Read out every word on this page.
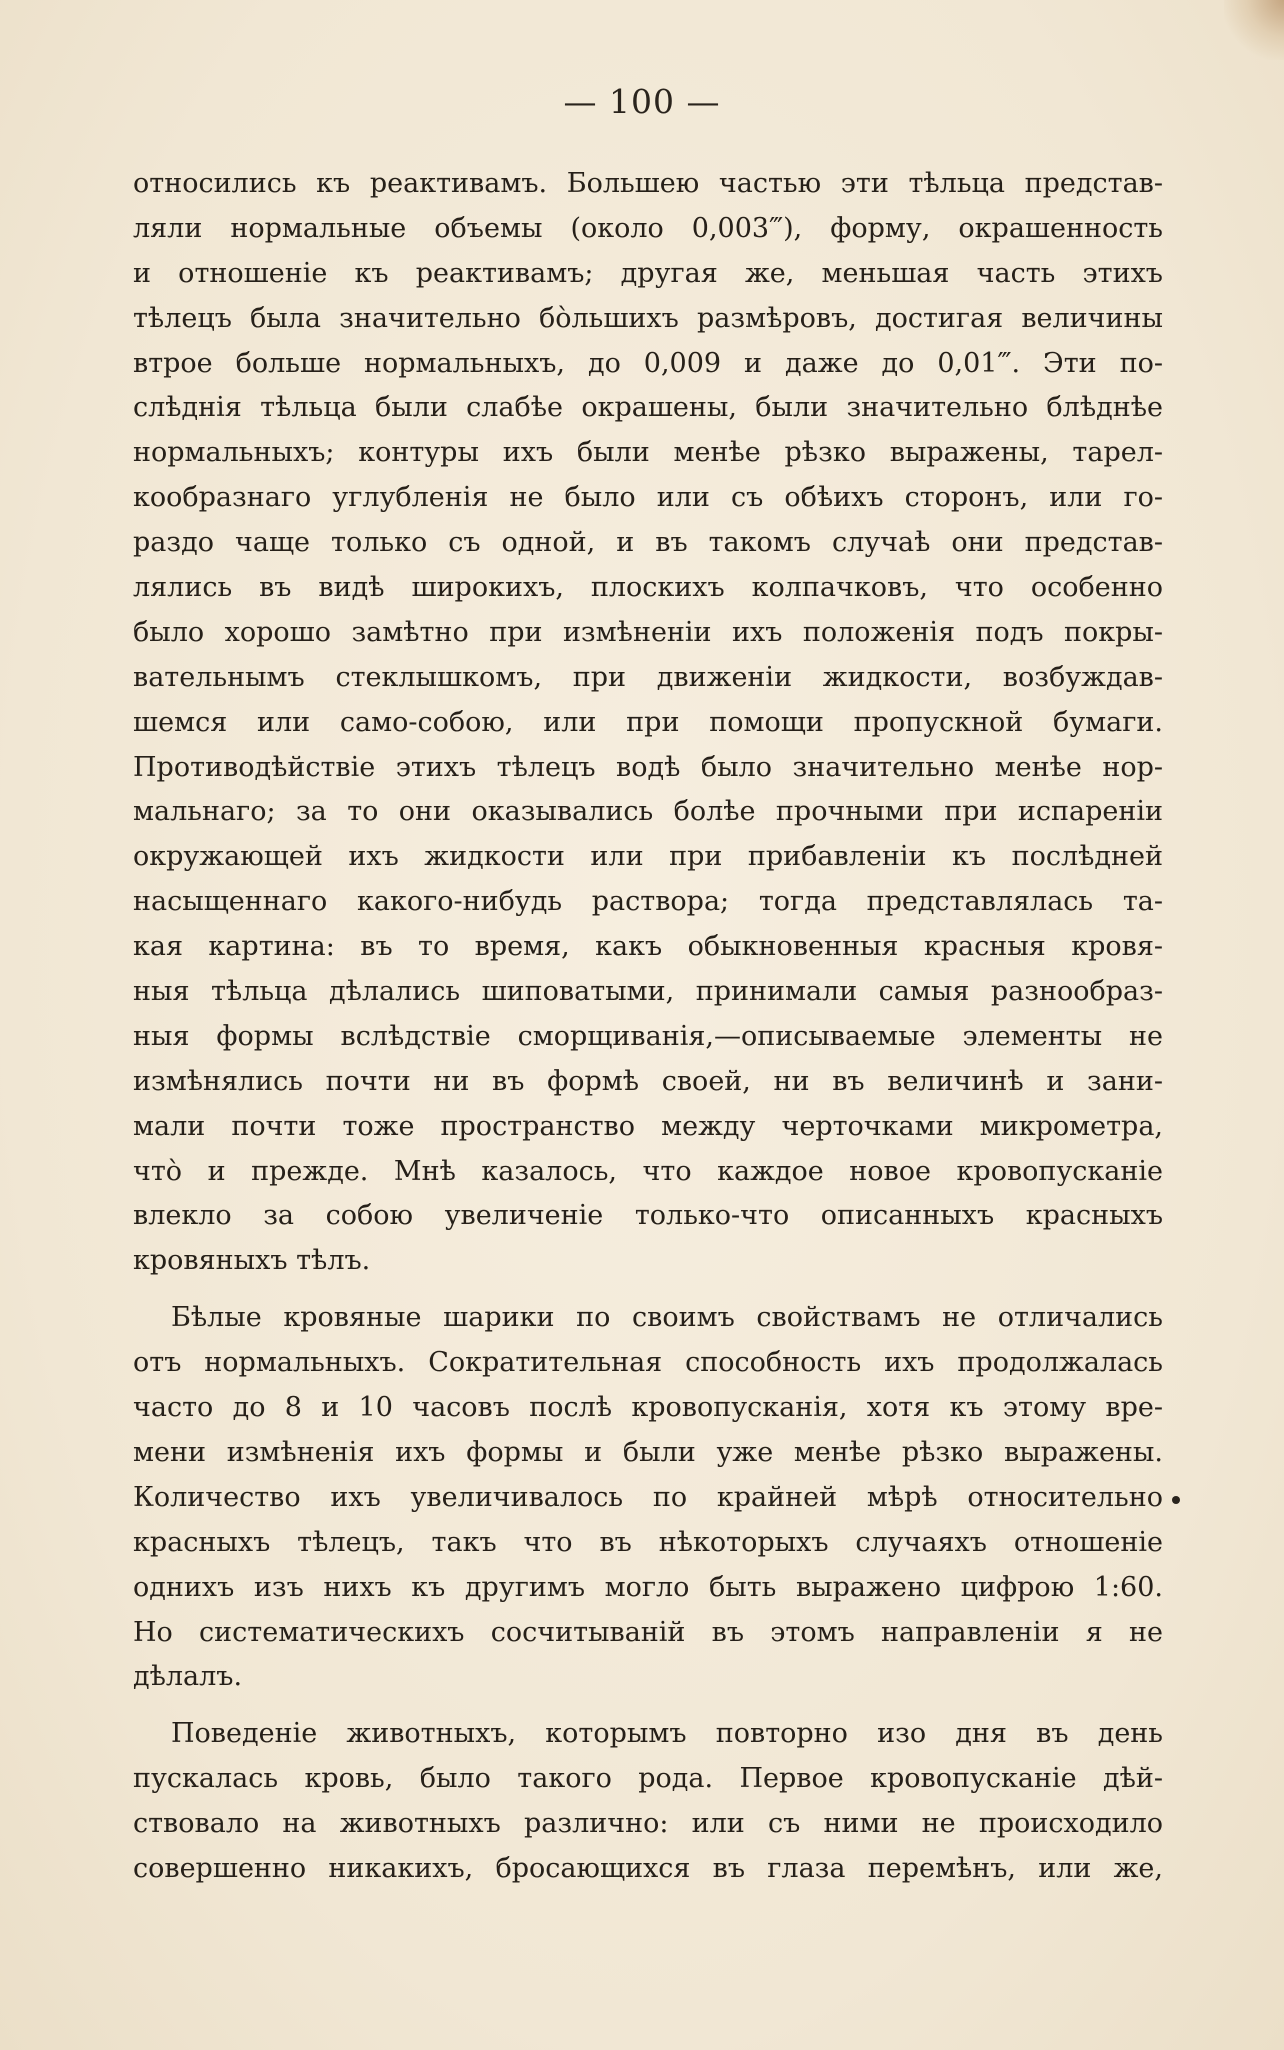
— 100 —
относились къ реактивамъ. Большею частью эти тѣльца представ-
ляли нормальные объемы (около 0,003‴), форму, окрашенность
и отношеніе къ реактивамъ; другая же, меньшая часть этихъ
тѣлецъ была значительно бо̀льшихъ размѣровъ, достигая величины
втрое больше нормальныхъ, до 0,009 и даже до 0,01‴. Эти по-
слѣднія тѣльца были слабѣе окрашены, были значительно блѣднѣе
нормальныхъ; контуры ихъ были менѣе рѣзко выражены, тарел-
кообразнаго углубленія не было или съ обѣихъ сторонъ, или го-
раздо чаще только съ одной, и въ такомъ случаѣ они представ-
лялись въ видѣ широкихъ, плоскихъ колпачковъ, что особенно
было хорошо замѣтно при измѣненіи ихъ положенія подъ покры-
вательнымъ стеклышкомъ, при движеніи жидкости, возбуждав-
шемся или само-собою, или при помощи пропускной бумаги.
Противодѣйствіе этихъ тѣлецъ водѣ было значительно менѣе нор-
мальнаго; за то они оказывались болѣе прочными при испареніи
окружающей ихъ жидкости или при прибавленіи къ послѣдней
насыщеннаго какого-нибудь раствора; тогда представлялась та-
кая картина: въ то время, какъ обыкновенныя красныя кровя-
ныя тѣльца дѣлались шиповатыми, принимали самыя разнообраз-
ныя формы вслѣдствіе сморщиванія,—описываемые элементы не
измѣнялись почти ни въ формѣ своей, ни въ величинѣ и зани-
мали почти тоже пространство между черточками микрометра,
что̀ и прежде. Мнѣ казалось, что каждое новое кровопусканіе
влекло за собою увеличеніе только-что описанныхъ красныхъ
кровяныхъ тѣлъ.
Бѣлые кровяные шарики по своимъ свойствамъ не отличались
отъ нормальныхъ. Сократительная способность ихъ продолжалась
часто до 8 и 10 часовъ послѣ кровопусканія, хотя къ этому вре-
мени измѣненія ихъ формы и были уже менѣе рѣзко выражены.
Количество ихъ увеличивалось по крайней мѣрѣ относительно
красныхъ тѣлецъ, такъ что въ нѣкоторыхъ случаяхъ отношеніе
однихъ изъ нихъ къ другимъ могло быть выражено цифрою 1:60.
Но систематическихъ сосчитываній въ этомъ направленіи я не
дѣлалъ.
Поведеніе животныхъ, которымъ повторно изо дня въ день
пускалась кровь, было такого рода. Первое кровопусканіе дѣй-
ствовало на животныхъ различно: или съ ними не происходило
совершенно никакихъ, бросающихся въ глаза перемѣнъ, или же,
